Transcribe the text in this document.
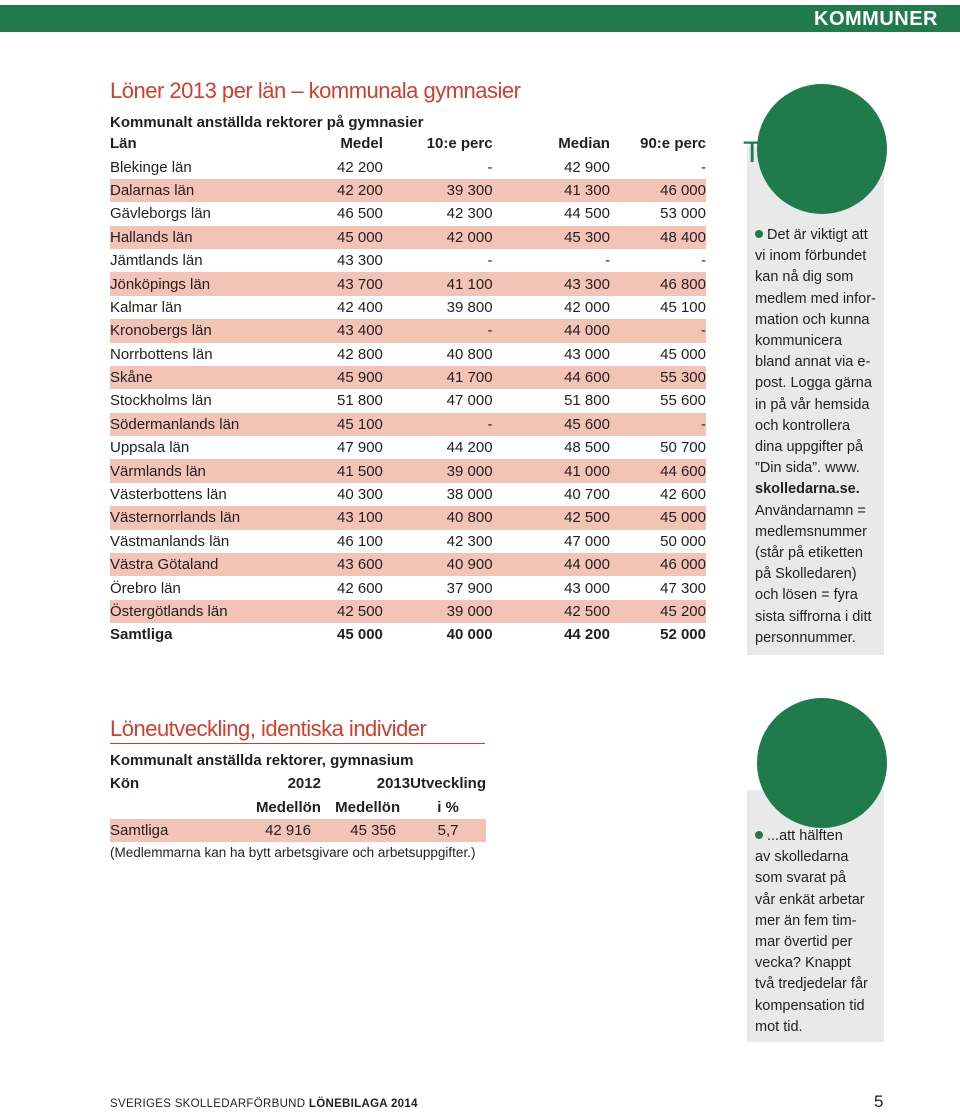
KOMMUNER
Löner 2013 per län – kommunala gymnasier
Kommunalt anställda rektorer på gymnasier
Län	Medel	10:e perc	Median	90:e perc
Blekinge län	42 200	-	42 900	-
Dalarnas län	42 200	39 300	41 300	46 000
Gävleborgs län	46 500	42 300	44 500	53 000
Hallands län	45 000	42 000	45 300	48 400
Jämtlands län	43 300	-	-	-
Jönköpings län	43 700	41 100	43 300	46 800
Kalmar län	42 400	39 800	42 000	45 100
Kronobergs län	43 400	-	44 000	-
Norrbottens län	42 800	40 800	43 000	45 000
Skåne	45 900	41 700	44 600	55 300
Stockholms län	51 800	47 000	51 800	55 600
Södermanlands län	45 100	-	45 600	-
Uppsala län	47 900	44 200	48 500	50 700
Värmlands län	41 500	39 000	41 000	44 600
Västerbottens län	40 300	38 000	40 700	42 600
Västernorrlands län	43 100	40 800	42 500	45 000
Västmanlands län	46 100	42 300	47 000	50 000
Västra Götaland	43 600	40 900	44 000	46 000
Örebro län	42 600	37 900	43 000	47 300
Östergötlands län	42 500	39 000	42 500	45 200
Samtliga	45 000	40 000	44 200	52 000
TÄNK PÅ...
Det är viktigt att
vi inom förbundet
kan nå dig som
medlem med infor-
mation och kunna
kommunicera
bland annat via e-
post. Logga gärna
in på vår hemsida
och kontrollera
dina uppgifter på
”Din sida”. www.
skolledarna.se.
Användarnamn =
medlemsnummer
(står på etiketten
på Skolledaren)
och lösen = fyra
sista siffrorna i ditt
personnummer.
Löneutveckling, identiska individer
Kommunalt anställda rektorer, gymnasium
Kön	2012	2013	Utveckling
	Medellön	Medellön	i %
Samtliga	42 916	45 356	5,7
(Medlemmarna kan ha bytt arbetsgivare och arbetsuppgifter.)
VISSTE
DU...
...att hälften
av skolledarna
som svarat på
vår enkät arbetar
mer än fem tim-
mar övertid per
vecka? Knappt
två tredjedelar får
kompensation tid
mot tid.
SVERIGES SKOLLEDARFÖRBUND LÖNEBILAGA 2014	5
